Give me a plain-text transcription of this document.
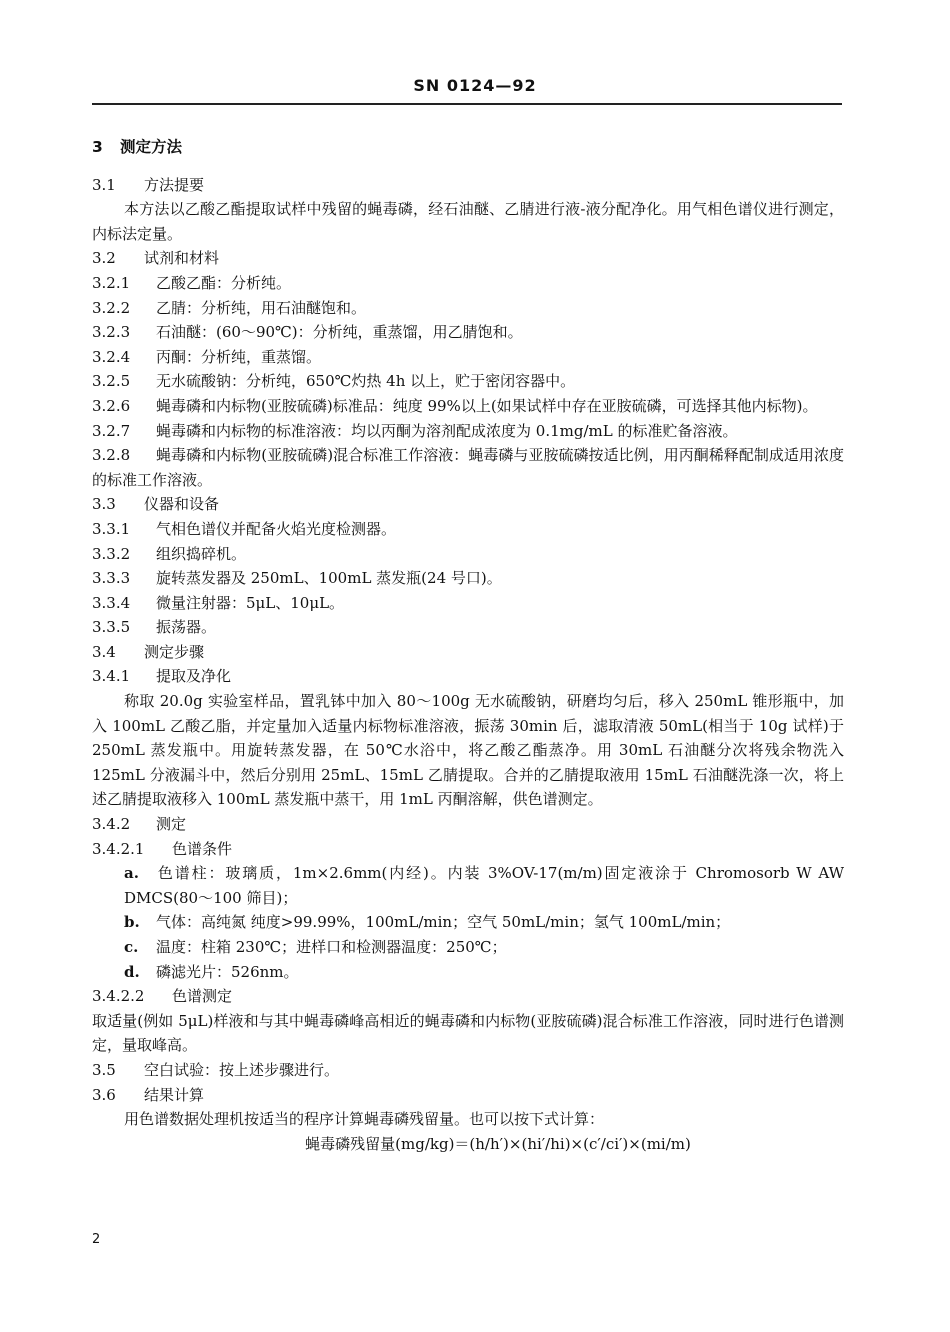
SN 0124—92
3 测定方法
3.1 方法提要
本方法以乙酸乙酯提取试样中残留的蝇毒磷，经石油醚、乙腈进行液-液分配净化。用气相色谱仪进行测定，内标法定量。
3.2 试剂和材料
3.2.1 乙酸乙酯：分析纯。
3.2.2 乙腈：分析纯，用石油醚饱和。
3.2.3 石油醚：(60～90℃)：分析纯，重蒸馏，用乙腈饱和。
3.2.4 丙酮：分析纯，重蒸馏。
3.2.5 无水硫酸钠：分析纯，650℃灼热 4h 以上，贮于密闭容器中。
3.2.6 蝇毒磷和内标物(亚胺硫磷)标准品：纯度 99%以上(如果试样中存在亚胺硫磷，可选择其他内标物)。
3.2.7 蝇毒磷和内标物的标准溶液：均以丙酮为溶剂配成浓度为 0.1mg/mL 的标准贮备溶液。
3.2.8 蝇毒磷和内标物(亚胺硫磷)混合标准工作溶液：蝇毒磷与亚胺硫磷按适比例，用丙酮稀释配制成适用浓度的标准工作溶液。
3.3 仪器和设备
3.3.1 气相色谱仪并配备火焰光度检测器。
3.3.2 组织捣碎机。
3.3.3 旋转蒸发器及 250mL、100mL 蒸发瓶(24 号口)。
3.3.4 微量注射器：5μL、10μL。
3.3.5 振荡器。
3.4 测定步骤
3.4.1 提取及净化
称取 20.0g 实验室样品，置乳钵中加入 80～100g 无水硫酸钠，研磨均匀后，移入 250mL 锥形瓶中，加入 100mL 乙酸乙脂，并定量加入适量内标物标准溶液，振荡 30min 后，滤取清液 50mL(相当于 10g 试样)于 250mL 蒸发瓶中。用旋转蒸发器，在 50℃水浴中，将乙酸乙酯蒸净。用 30mL 石油醚分次将残余物洗入 125mL 分液漏斗中，然后分别用 25mL、15mL 乙腈提取。合并的乙腈提取液用 15mL 石油醚洗涤一次，将上述乙腈提取液移入 100mL 蒸发瓶中蒸干，用 1mL 丙酮溶解，供色谱测定。
3.4.2 测定
3.4.2.1 色谱条件
a. 色谱柱：玻璃质，1m×2.6mm(内经)。内装 3%OV-17(m/m)固定液涂于 Chromosorb W AW DMCS(80～100 筛目)；
b. 气体：高纯氮 纯度>99.99%，100mL/min；空气 50mL/min；氢气 100mL/min；
c. 温度：柱箱 230℃；进样口和检测器温度：250℃；
d. 磷滤光片：526nm。
3.4.2.2 色谱测定
取适量(例如 5μL)样液和与其中蝇毒磷峰高相近的蝇毒磷和内标物(亚胺硫磷)混合标准工作溶液，同时进行色谱测定，量取峰高。
3.5 空白试验：按上述步骤进行。
3.6 结果计算
用色谱数据处理机按适当的程序计算蝇毒磷残留量。也可以按下式计算：
蝇毒磷残留量(mg/kg)＝(h/h′)×(hi′/hi)×(c′/ci′)×(mi/m)
2
